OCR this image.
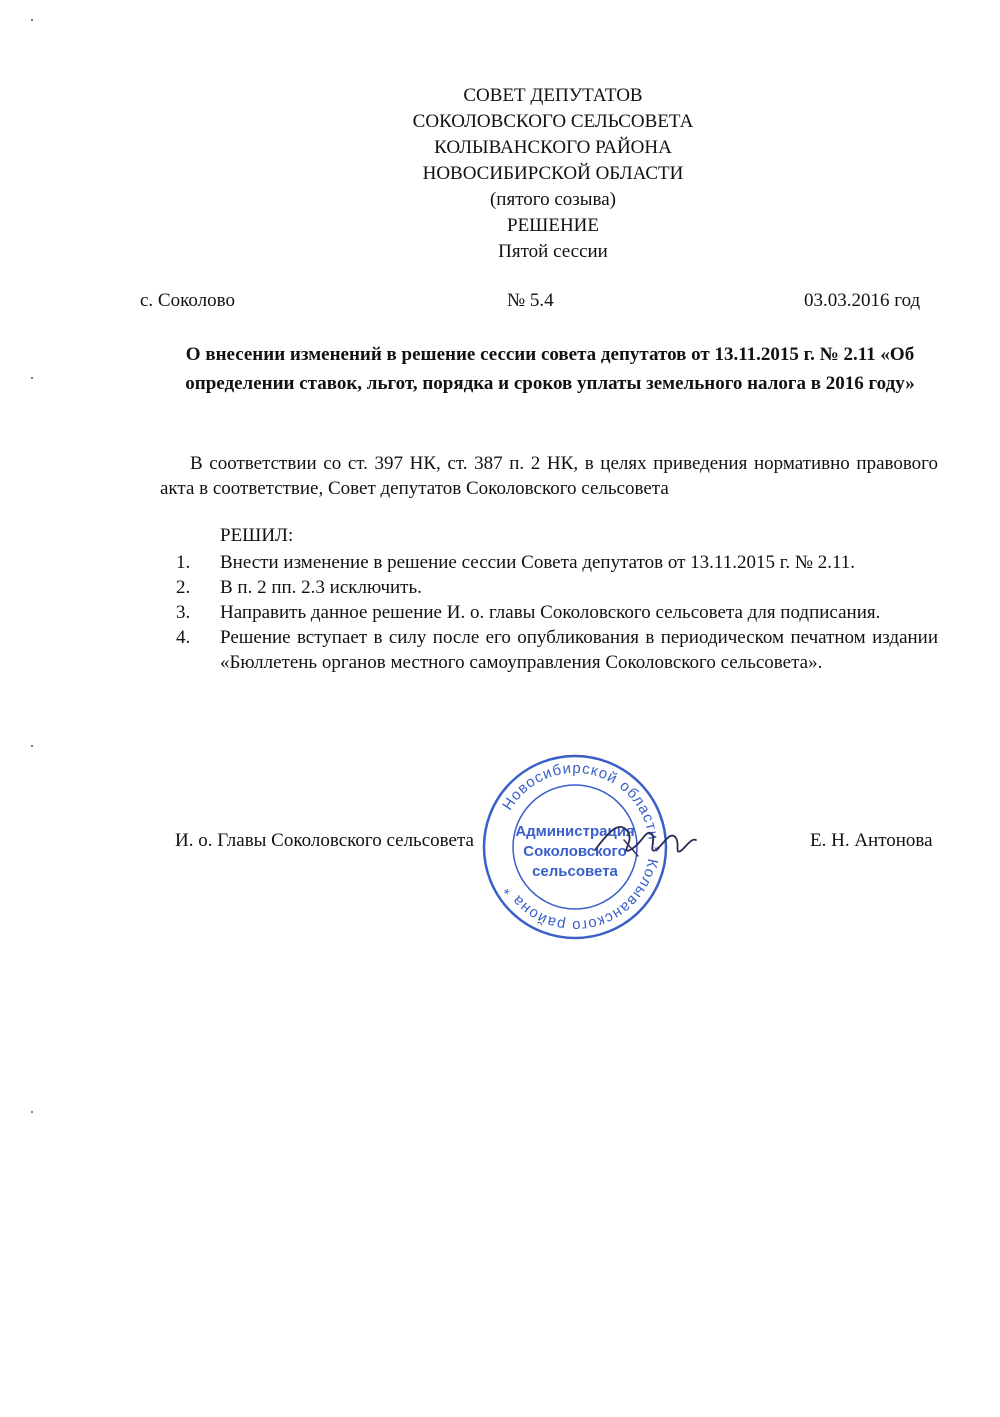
СОВЕТ ДЕПУТАТОВ
СОКОЛОВСКОГО СЕЛЬСОВЕТА
КОЛЫВАНСКОГО РАЙОНА
НОВОСИБИРСКОЙ ОБЛАСТИ
(пятого созыва)
РЕШЕНИЕ
Пятой сессии
с. Соколово	№ 5.4	03.03.2016 год
О внесении изменений в решение сессии совета депутатов от 13.11.2015 г. № 2.11 «Об
определении ставок, льгот, порядка и сроков уплаты земельного налога в 2016 году»
В соответствии со ст. 397 НК, ст. 387 п. 2 НК, в целях приведения нормативно правового акта в соответствие, Совет депутатов Соколовского сельсовета
РЕШИЛ:
1. Внести изменение в решение сессии Совета депутатов от 13.11.2015 г. № 2.11.
2. В п. 2 пп. 2.3 исключить.
3. Направить данное решение И. о. главы Соколовского сельсовета для подписания.
4. Решение вступает в силу после его опубликования в периодическом печатном издании «Бюллетень органов местного самоуправления Соколовского сельсовета».
И. о. Главы Соколовского сельсовета	Е. Н. Антонова
Новосибирской области * Колыванского района *
Администрация
Соколовского
сельсовета
